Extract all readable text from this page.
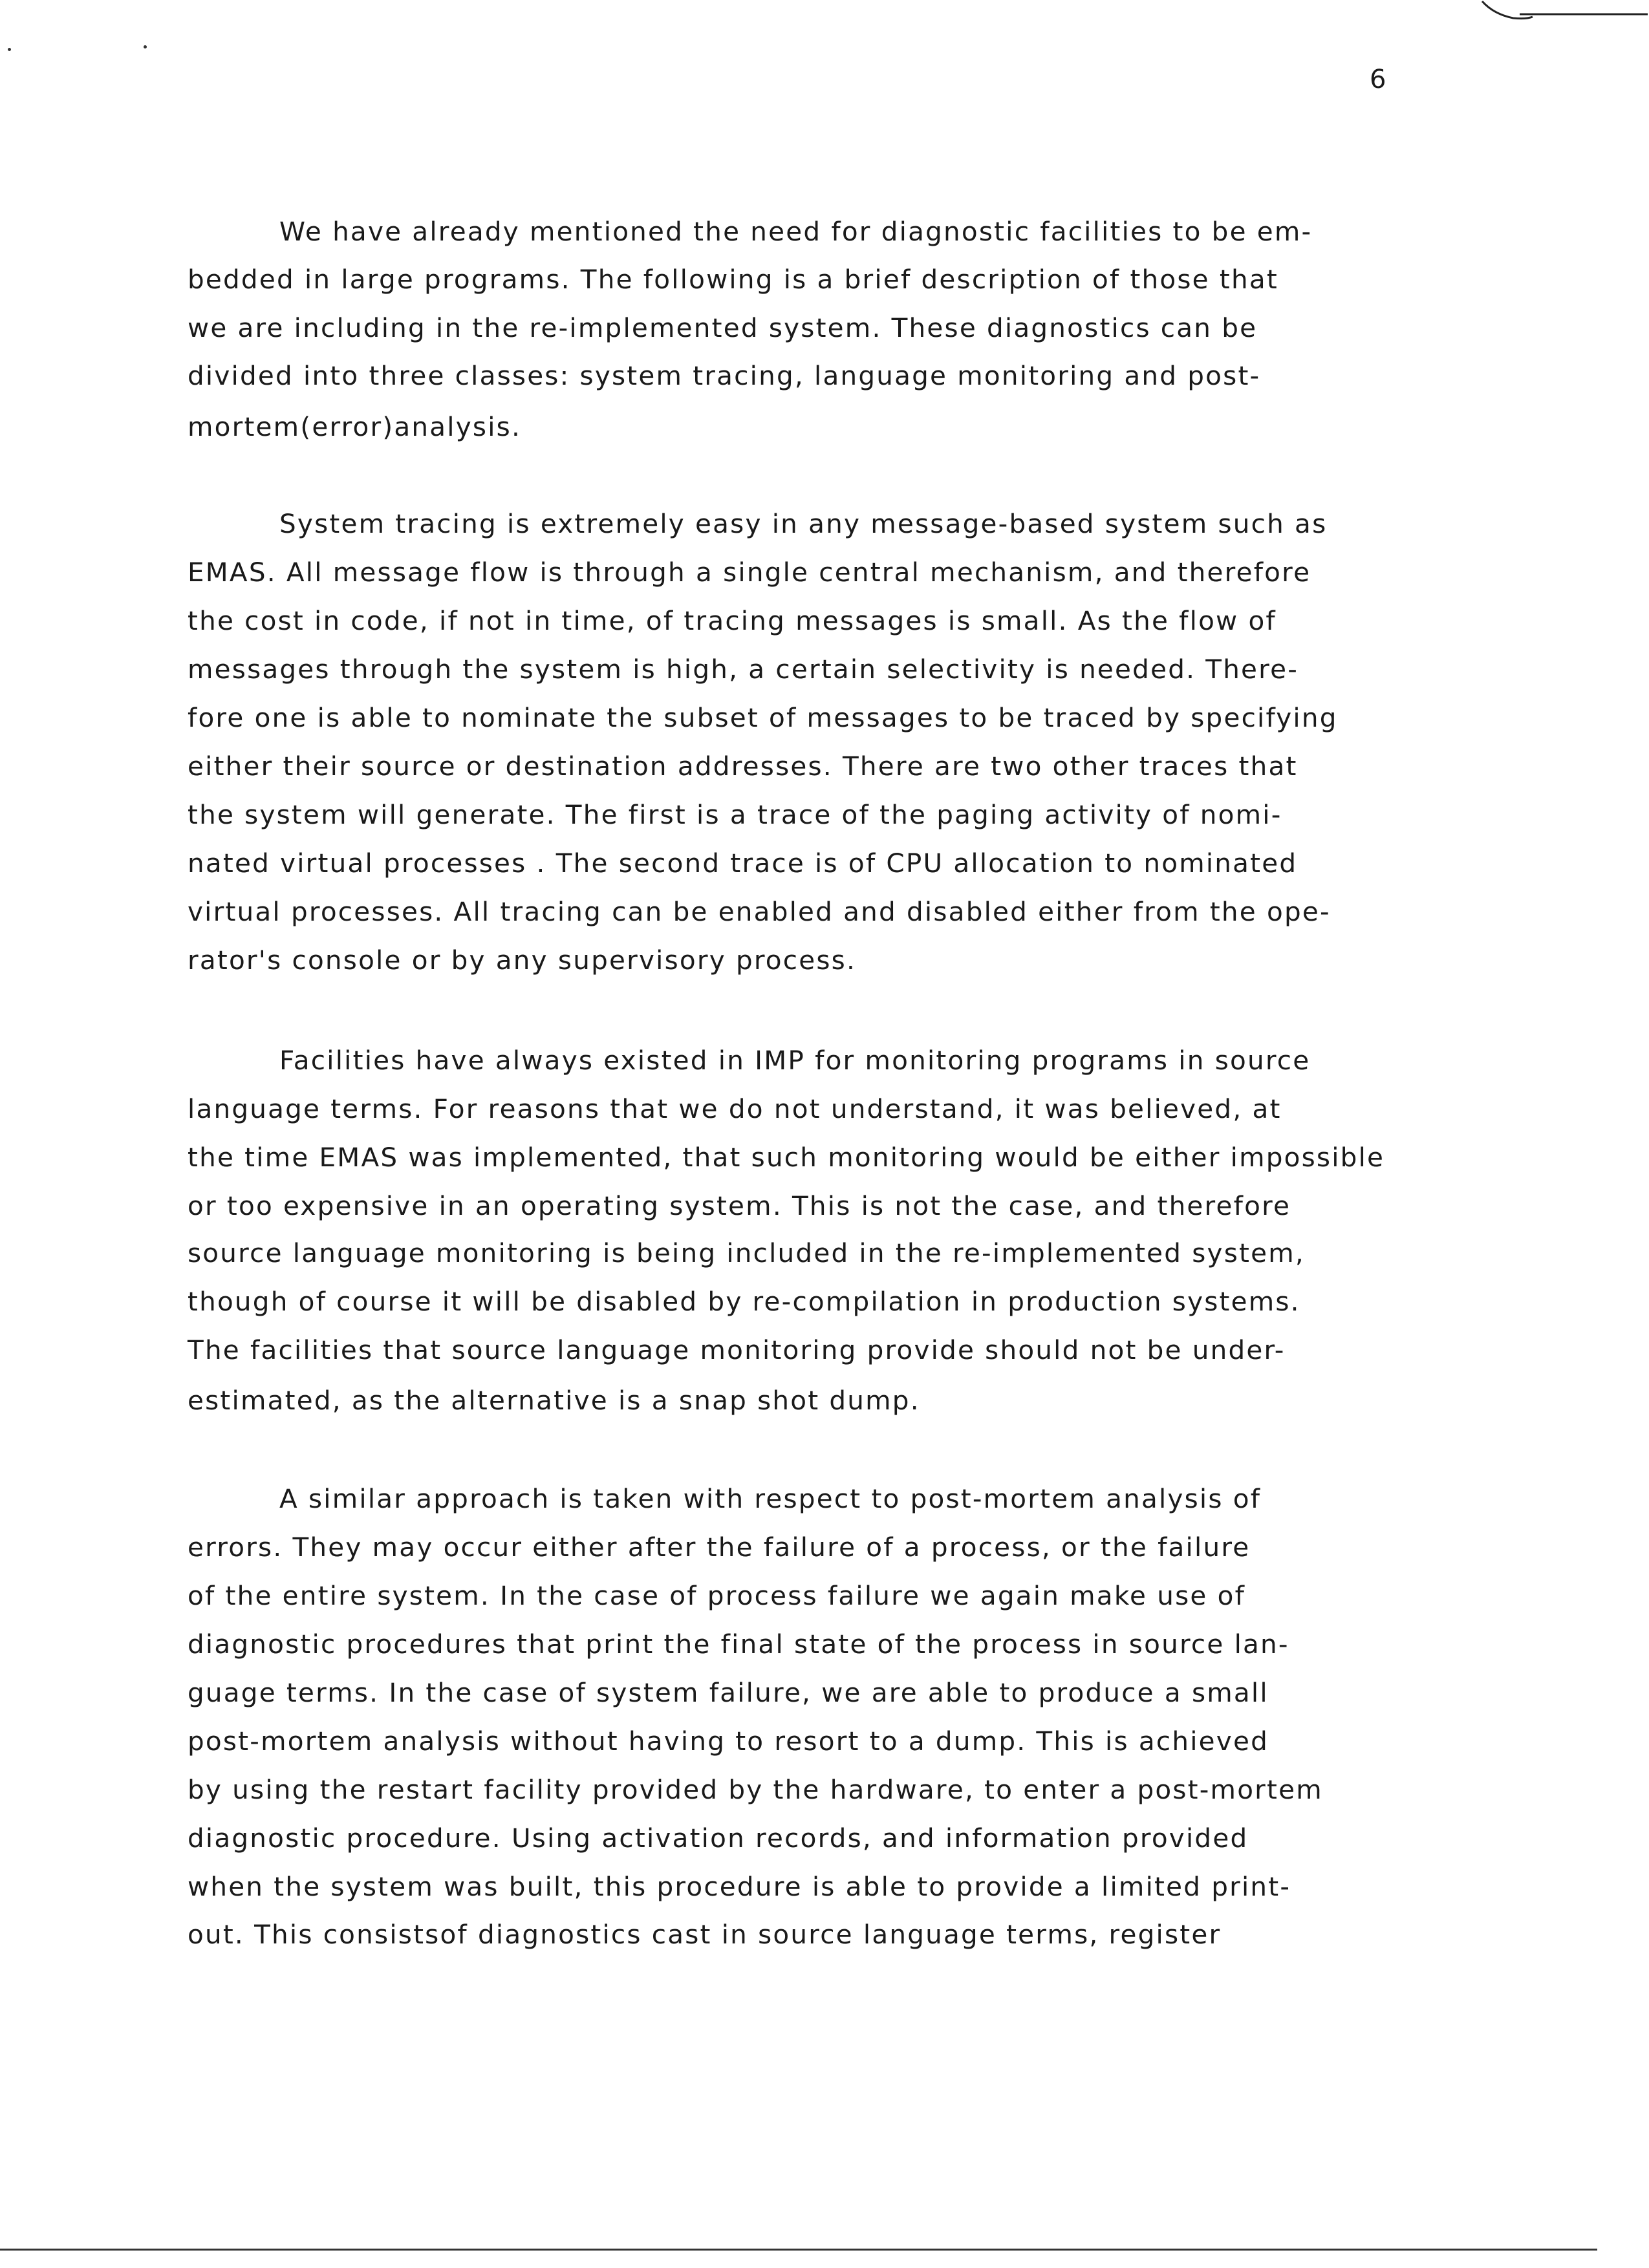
6
We have already mentioned the need for diagnostic facilities to be em-
bedded in large programs. The following is a brief description of those that
we are including in the re-implemented system. These diagnostics can be
divided into three classes: system tracing, language monitoring and post-
mortem(error)analysis.
System tracing is extremely easy in any message-based system such as
EMAS. All message flow is through a single central mechanism, and therefore
the cost in code, if not in time, of tracing messages is small. As the flow of
messages through the system is high, a certain selectivity is needed. There-
fore one is able to nominate the subset of messages to be traced by specifying
either their source or destination addresses. There are two other traces that
the system will generate. The first is a trace of the paging activity of nomi-
nated virtual processes . The second trace is of CPU allocation to nominated
virtual processes. All tracing can be enabled and disabled either from the ope-
rator's console or by any supervisory process.
Facilities have always existed in IMP for monitoring programs in source
language terms. For reasons that we do not understand, it was believed, at
the time EMAS was implemented, that such monitoring would be either impossible
or too expensive in an operating system. This is not the case, and therefore
source language monitoring is being included in the re-implemented system,
though of course it will be disabled by re-compilation in production systems.
The facilities that source language monitoring provide should not be under-
estimated, as the alternative is a snap shot dump.
A similar approach is taken with respect to post-mortem analysis of
errors. They may occur either after the failure of a process, or the failure
of the entire system. In the case of process failure we again make use of
diagnostic procedures that print the final state of the process in source lan-
guage terms. In the case of system failure, we are able to produce a small
post-mortem analysis without having to resort to a dump. This is achieved
by using the restart facility provided by the hardware, to enter a post-mortem
diagnostic procedure. Using activation records, and information provided
when the system was built, this procedure is able to provide a limited print-
out. This consistsof diagnostics cast in source language terms, register
